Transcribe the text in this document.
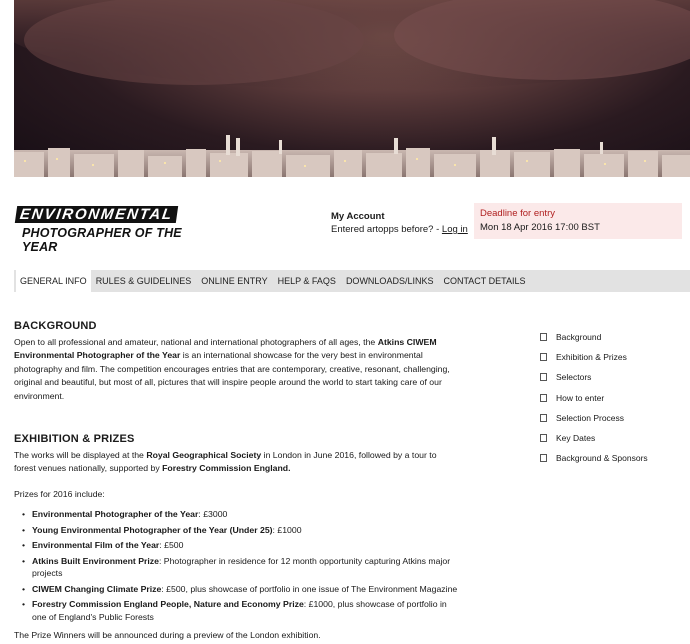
ENVIRONMENTAL
PHOTOGRAPHER OF THE YEAR
My Account
Entered artopps before? - Log in
Deadline for entry
Mon 18 Apr 2016 17:00 BST
GENERAL INFO	RULES & GUIDELINES	ONLINE ENTRY	HELP & FAQS	DOWNLOADS/LINKS	CONTACT DETAILS
BACKGROUND

Open to all professional and amateur, national and international photographers of all ages, the Atkins CIWEM Environmental Photographer of the Year is an international showcase for the very best in environmental photography and film. The competition encourages entries that are contemporary, creative, resonant, challenging, original and beautiful, but most of all, pictures that will inspire people around the world to start taking care of our environment.

EXHIBITION & PRIZES

The works will be displayed at the Royal Geographical Society in London in June 2016, followed by a tour to forest venues nationally, supported by Forestry Commission England.

Prizes for 2016 include:

• Environmental Photographer of the Year: £3000
• Young Environmental Photographer of the Year (Under 25): £1000
• Environmental Film of the Year: £500
• Atkins Built Environment Prize: Photographer in residence for 12 month opportunity capturing Atkins major projects
• CIWEM Changing Climate Prize: £500, plus showcase of portfolio in one issue of The Environment Magazine
• Forestry Commission England People, Nature and Economy Prize: £1000, plus showcase of portfolio in one of England's Public Forests

The Prize Winners will be announced during a preview of the London exhibition.

Background
Exhibition & Prizes
Selectors
How to enter
Selection Process
Key Dates
Background & Sponsors
